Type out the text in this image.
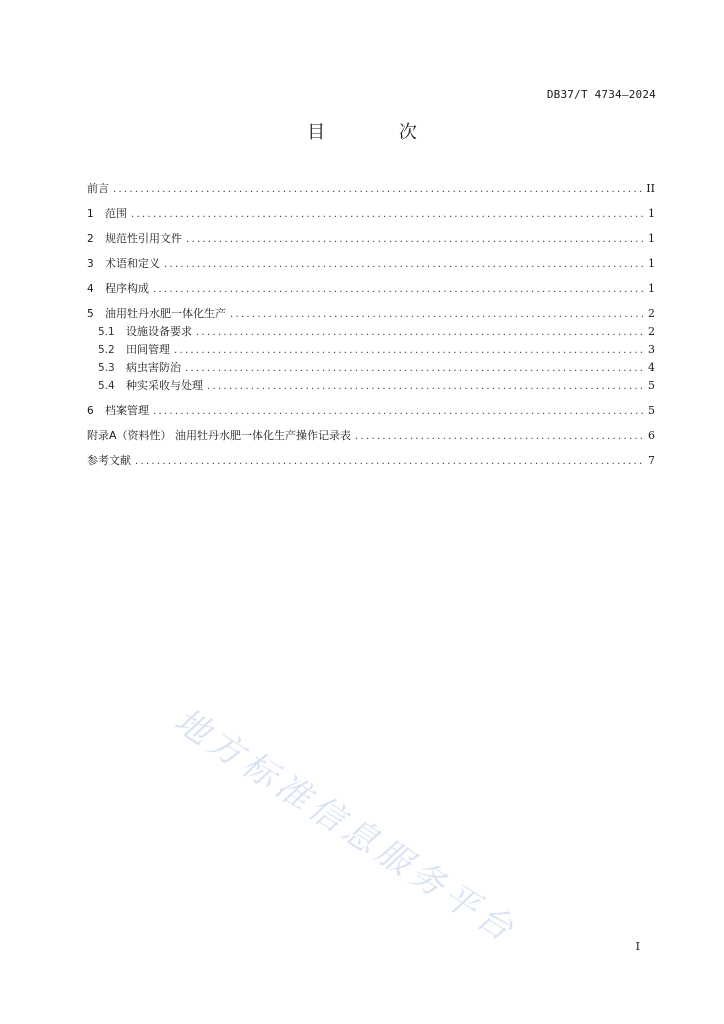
DB37/T 4734—2024
目 次
前言 .....	II
1	范围 .....	1
2	规范性引用文件 .....	1
3	术语和定义 .....	1
4	程序构成 .....	1
5	油用牡丹水肥一体化生产 .....	2
5.1	设施设备要求 .....	2
5.2	田间管理 .....	3
5.3	病虫害防治 .....	4
5.4	种实采收与处理 .....	5
6	档案管理 .....	5
附录A（资料性） 油用牡丹水肥一体化生产操作记录表 .....	6
参考文献 .....	7
地方标准信息服务平台	I
